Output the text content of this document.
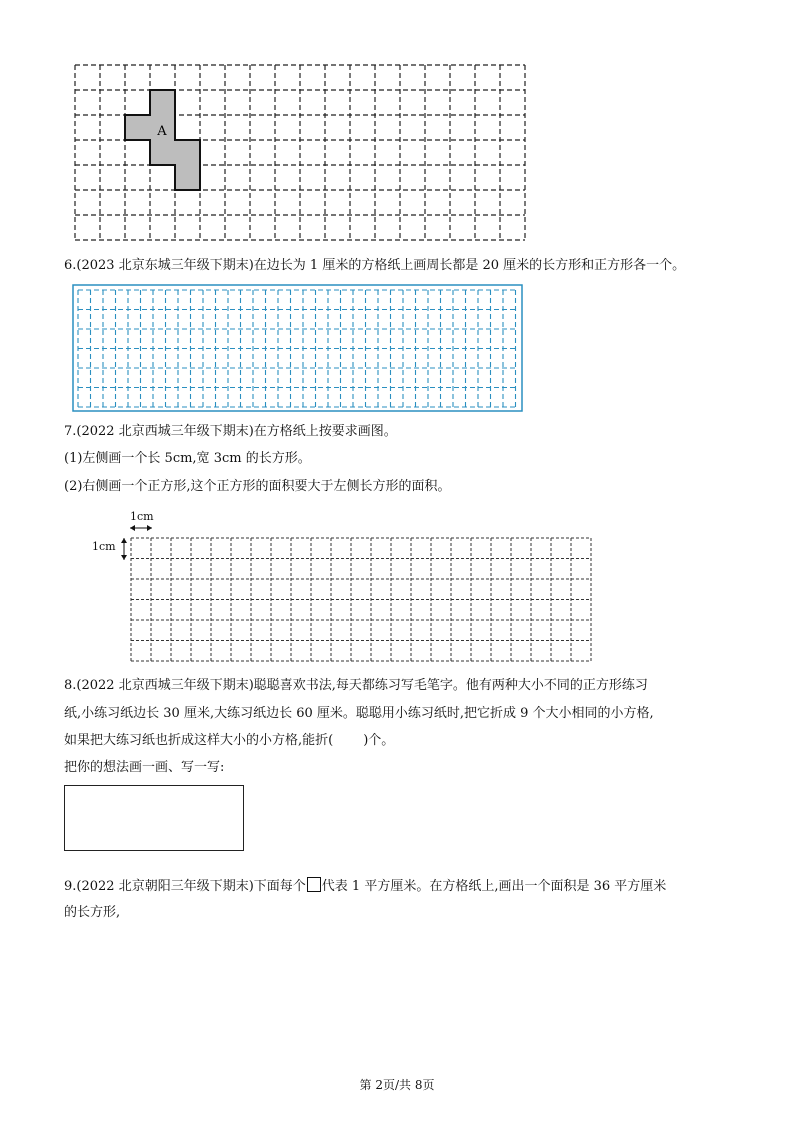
A
6.(2023 北京东城三年级下期末)在边长为 1 厘米的方格纸上画周长都是 20 厘米的长方形和正方形各一个。
7.(2022 北京西城三年级下期末)在方格纸上按要求画图。
(1)左侧画一个长 5cm,宽 3cm 的长方形。
(2)右侧画一个正方形,这个正方形的面积要大于左侧长方形的面积。
1cm
1cm
8.(2022 北京西城三年级下期末)聪聪喜欢书法,每天都练习写毛笔字。他有两种大小不同的正方形练习
纸,小练习纸边长 30 厘米,大练习纸边长 60 厘米。聪聪用小练习纸时,把它折成 9 个大小相同的小方格,
如果把大练习纸也折成这样大小的小方格,能折( )个。
把你的想法画一画、写一写:
9.(2022 北京朝阳三年级下期末)下面每个 代表 1 平方厘米。在方格纸上,画出一个面积是 36 平方厘米
的长方形,
第 2页/共 8页
